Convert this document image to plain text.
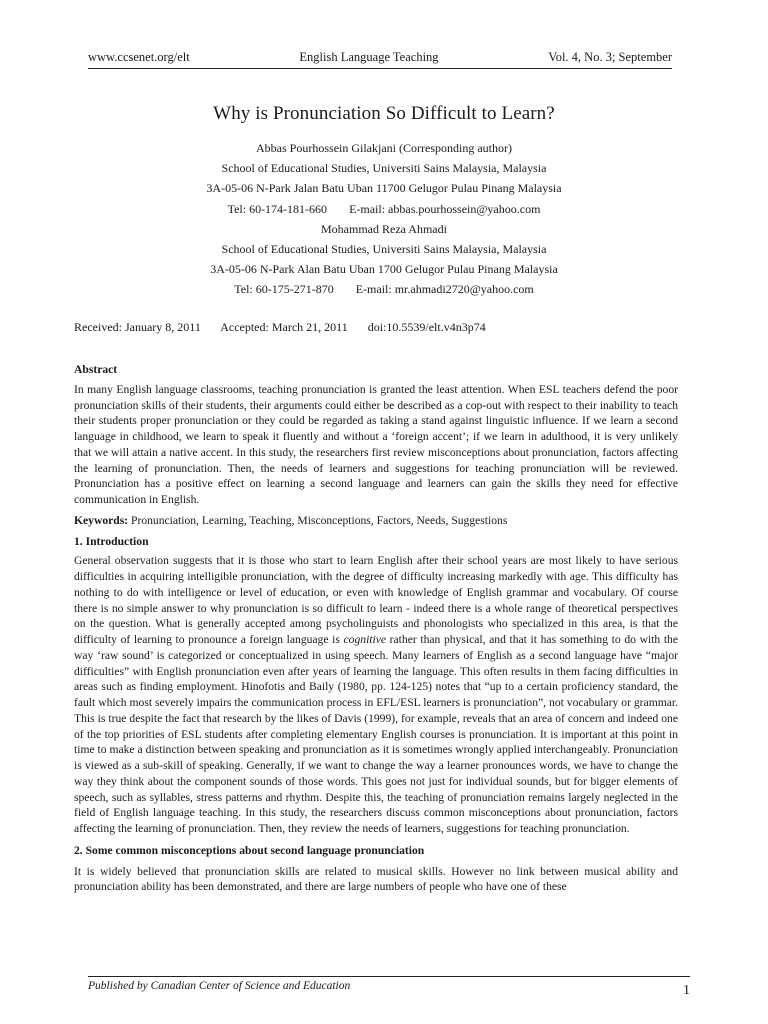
www.ccsenet.org/elt	English Language Teaching	Vol. 4, No. 3; September
Why is Pronunciation So Difficult to Learn?
Abbas Pourhossein Gilakjani (Corresponding author)
School of Educational Studies, Universiti Sains Malaysia, Malaysia
3A-05-06 N-Park Jalan Batu Uban 11700 Gelugor Pulau Pinang Malaysia
Tel: 60-174-181-660 E-mail: abbas.pourhossein@yahoo.com
Mohammad Reza Ahmadi
School of Educational Studies, Universiti Sains Malaysia, Malaysia
3A-05-06 N-Park Alan Batu Uban 1700 Gelugor Pulau Pinang Malaysia
Tel: 60-175-271-870 E-mail: mr.ahmadi2720@yahoo.com
Received: January 8, 2011 Accepted: March 21, 2011 doi:10.5539/elt.v4n3p74
Abstract

In many English language classrooms, teaching pronunciation is granted the least attention. When ESL teachers defend the poor pronunciation skills of their students, their arguments could either be described as a cop-out with respect to their inability to teach their students proper pronunciation or they could be regarded as taking a stand against linguistic influence. If we learn a second language in childhood, we learn to speak it fluently and without a ‘foreign accent’; if we learn in adulthood, it is very unlikely that we will attain a native accent. In this study, the researchers first review misconceptions about pronunciation, factors affecting the learning of pronunciation. Then, the needs of learners and suggestions for teaching pronunciation will be reviewed. Pronunciation has a positive effect on learning a second language and learners can gain the skills they need for effective communication in English.

Keywords: Pronunciation, Learning, Teaching, Misconceptions, Factors, Needs, Suggestions

1. Introduction

General observation suggests that it is those who start to learn English after their school years are most likely to have serious difficulties in acquiring intelligible pronunciation, with the degree of difficulty increasing markedly with age. This difficulty has nothing to do with intelligence or level of education, or even with knowledge of English grammar and vocabulary. Of course there is no simple answer to why pronunciation is so difficult to learn - indeed there is a whole range of theoretical perspectives on the question. What is generally accepted among psycholinguists and phonologists who specialized in this area, is that the difficulty of learning to pronounce a foreign language is cognitive rather than physical, and that it has something to do with the way ‘raw sound’ is categorized or conceptualized in using speech. Many learners of English as a second language have “major difficulties” with English pronunciation even after years of learning the language. This often results in them facing difficulties in areas such as finding employment. Hinofotis and Baily (1980, pp. 124-125) notes that “up to a certain proficiency standard, the fault which most severely impairs the communication process in EFL/ESL learners is pronunciation”, not vocabulary or grammar. This is true despite the fact that research by the likes of Davis (1999), for example, reveals that an area of concern and indeed one of the top priorities of ESL students after completing elementary English courses is pronunciation. It is important at this point in time to make a distinction between speaking and pronunciation as it is sometimes wrongly applied interchangeably. Pronunciation is viewed as a sub-skill of speaking. Generally, if we want to change the way a learner pronounces words, we have to change the way they think about the component sounds of those words. This goes not just for individual sounds, but for bigger elements of speech, such as syllables, stress patterns and rhythm. Despite this, the teaching of pronunciation remains largely neglected in the field of English language teaching. In this study, the researchers discuss common misconceptions about pronunciation, factors affecting the learning of pronunciation. Then, they review the needs of learners, suggestions for teaching pronunciation.

2. Some common misconceptions about second language pronunciation

It is widely believed that pronunciation skills are related to musical skills. However no link between musical ability and pronunciation ability has been demonstrated, and there are large numbers of people who have one of these

Published by Canadian Center of Science and Education	1
